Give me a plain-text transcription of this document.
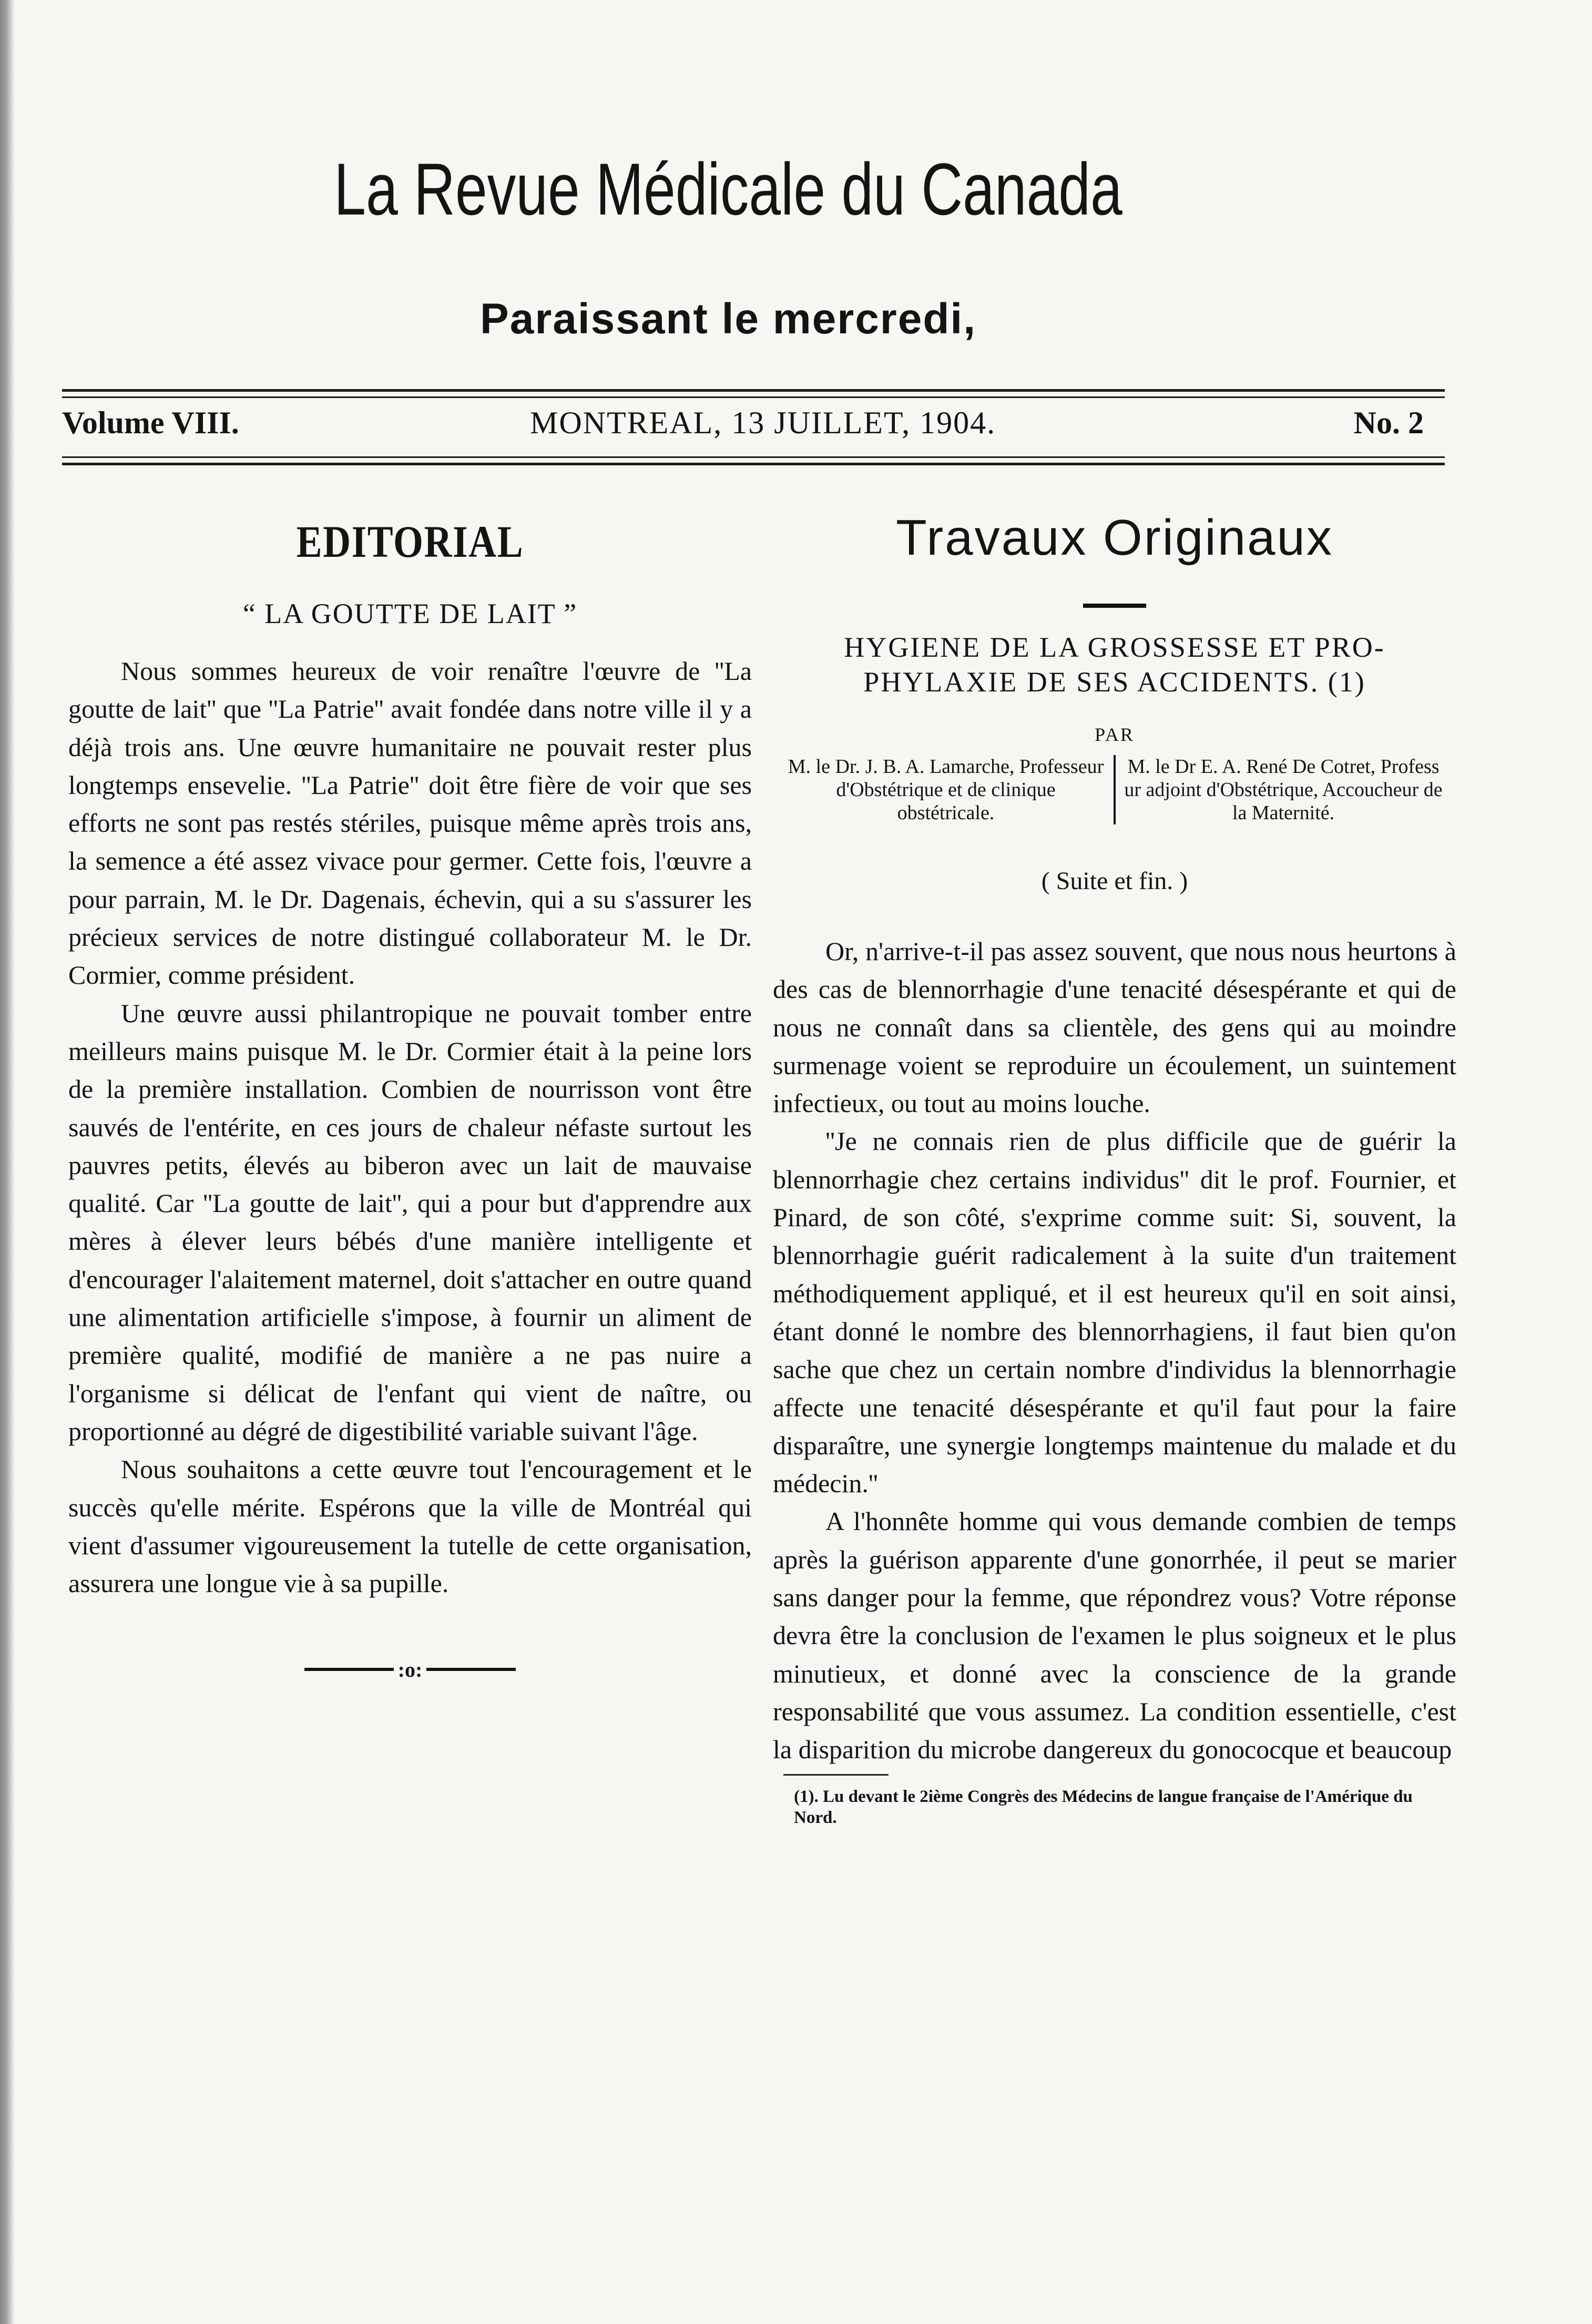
La Revue Médicale du Canada
Paraissant le mercredi,
Volume VIII.	MONTREAL, 13 JUILLET, 1904.	No. 2
EDITORIAL
“ LA GOUTTE DE LAIT ”

Nous sommes heureux de voir renaître l'œuvre de ''La goutte de lait'' que ''La Patrie'' avait fondée dans notre ville il y a déjà trois ans. Une œuvre humanitaire ne pouvait rester plus longtemps ensevelie. ''La Patrie'' doit être fière de voir que ses efforts ne sont pas restés stériles, puisque même après trois ans, la semence a été assez vivace pour germer. Cette fois, l'œuvre a pour parrain, M. le Dr. Dagenais, échevin, qui a su s'assurer les précieux services de notre distingué collaborateur M. le Dr. Cormier, comme président.

Une œuvre aussi philantropique ne pouvait tomber entre meilleurs mains puisque M. le Dr. Cormier était à la peine lors de la première installation. Combien de nourrisson vont être sauvés de l'entérite, en ces jours de chaleur néfaste surtout les pauvres petits, élevés au biberon avec un lait de mauvaise qualité. Car ''La goutte de lait'', qui a pour but d'apprendre aux mères à élever leurs bébés d'une manière intelligente et d'encourager l'alaitement maternel, doit s'attacher en outre quand une alimentation artificielle s'impose, à fournir un aliment de première qualité, modifié de manière a ne pas nuire a l'organisme si délicat de l'enfant qui vient de naître, ou proportionné au dégré de digestibilité variable suivant l'âge.

Nous souhaitons a cette œuvre tout l'encouragement et le succès qu'elle mérite. Espérons que la ville de Montréal qui vient d'assumer vigoureusement la tutelle de cette organisation, assurera une longue vie à sa pupille.

:o:
Travaux Originaux
HYGIENE DE LA GROSSESSE ET PRO-
PHYLAXIE DE SES ACCIDENTS. (1)
PAR
M. le Dr. J. B. A. Lamarche, Professeur d'Obstétrique et de clinique obstétricale.
M. le Dr E. A. René De Cotret, Profess ur adjoint d'Obstétrique, Accoucheur de la Maternité.
( Suite et fin. )

Or, n'arrive-t-il pas assez souvent, que nous nous heurtons à des cas de blennorrhagie d'une tenacité désespérante et qui de nous ne connaît dans sa clientèle, des gens qui au moindre surmenage voient se reproduire un écoulement, un suintement infectieux, ou tout au moins louche.

''Je ne connais rien de plus difficile que de guérir la blennorrhagie chez certains individus'' dit le prof. Fournier, et Pinard, de son côté, s'exprime comme suit: Si, souvent, la blennorrhagie guérit radicalement à la suite d'un traitement méthodiquement appliqué, et il est heureux qu'il en soit ainsi, étant donné le nombre des blennorrhagiens, il faut bien qu'on sache que chez un certain nombre d'individus la blennorrhagie affecte une tenacité désespérante et qu'il faut pour la faire disparaître, une synergie longtemps maintenue du malade et du médecin.''

A l'honnête homme qui vous demande combien de temps après la guérison apparente d'une gonorrhée, il peut se marier sans danger pour la femme, que répondrez vous? Votre réponse devra être la conclusion de l'examen le plus soigneux et le plus minutieux, et donné avec la conscience de la grande responsabilité que vous assumez. La condition essentielle, c'est la disparition du microbe dangereux du gonococque et beaucoup

(1). Lu devant le 2ième Congrès des Médecins de langue française de l'Amérique du Nord.
